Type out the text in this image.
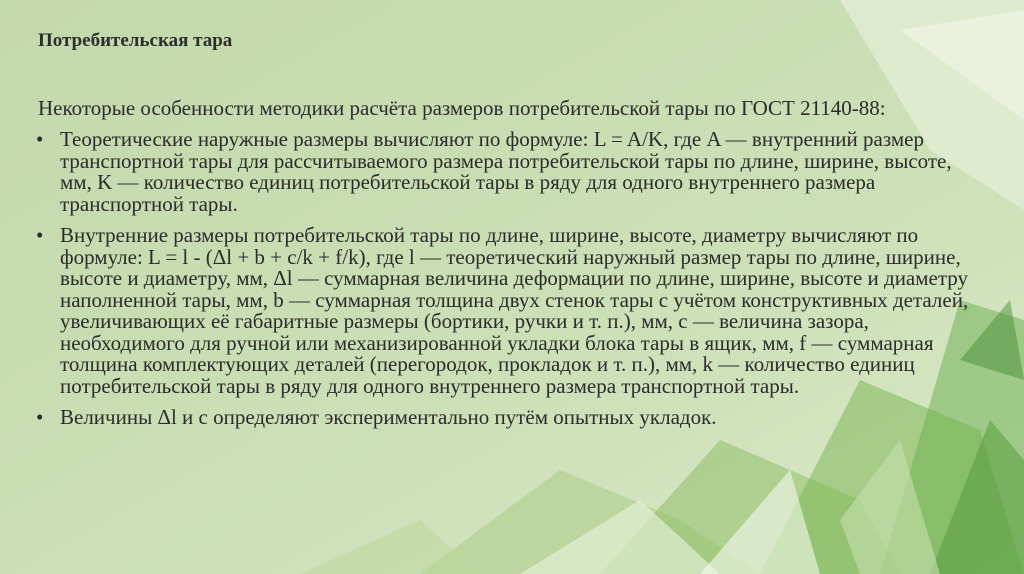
Потребительская тара
Некоторые особенности методики расчёта размеров потребительской тары по ГОСТ 21140-88:
• Теоретические наружные размеры вычисляют по формуле: L = A/K, где A — внутренний размер транспортной тары для рассчитываемого размера потребительской тары по длине, ширине, высоте, мм, K — количество единиц потребительской тары в ряду для одного внутреннего размера транспортной тары.
• Внутренние размеры потребительской тары по длине, ширине, высоте, диаметру вычисляют по формуле: L = l - (Δl + b + c/k + f/k), где l — теоретический наружный размер тары по длине, ширине, высоте и диаметру, мм, Δl — суммарная величина деформации по длине, ширине, высоте и диаметру наполненной тары, мм, b — суммарная толщина двух стенок тары с учётом конструктивных деталей, увеличивающих её габаритные размеры (бортики, ручки и т. п.), мм, c — величина зазора, необходимого для ручной или механизированной укладки блока тары в ящик, мм, f — суммарная толщина комплектующих деталей (перегородок, прокладок и т. п.), мм, k — количество единиц потребительской тары в ряду для одного внутреннего размера транспортной тары.
• Величины Δl и c определяют экспериментально путём опытных укладок.
